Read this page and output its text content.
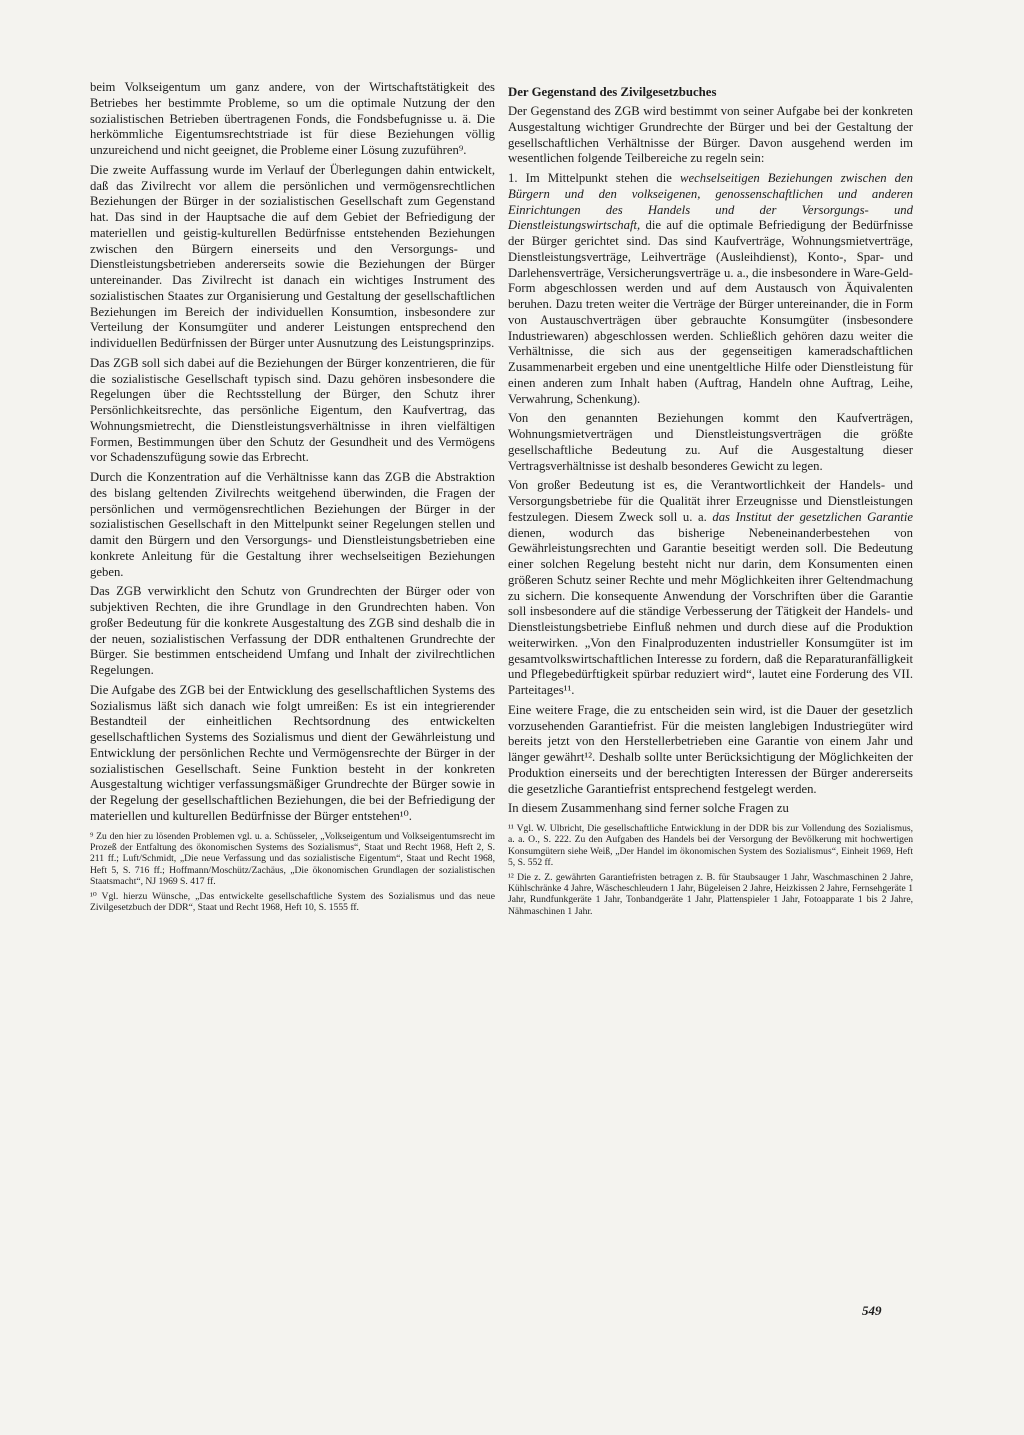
beim Volkseigentum um ganz andere, von der Wirtschaftstätigkeit des Betriebes her bestimmte Probleme, so um die optimale Nutzung der den sozialistischen Betrieben übertragenen Fonds, die Fondsbefugnisse u. ä. Die herkömmliche Eigentumsrechtstriade ist für diese Beziehungen völlig unzureichend und nicht geeignet, die Probleme einer Lösung zuzuführen⁹.

Die zweite Auffassung wurde im Verlauf der Überlegungen dahin entwickelt, daß das Zivilrecht vor allem die persönlichen und vermögensrechtlichen Beziehungen der Bürger in der sozialistischen Gesellschaft zum Gegenstand hat. Das sind in der Hauptsache die auf dem Gebiet der Befriedigung der materiellen und geistig-kulturellen Bedürfnisse entstehenden Beziehungen zwischen den Bürgern einerseits und den Versorgungs- und Dienstleistungsbetrieben andererseits sowie die Beziehungen der Bürger untereinander. Das Zivilrecht ist danach ein wichtiges Instrument des sozialistischen Staates zur Organisierung und Gestaltung der gesellschaftlichen Beziehungen im Bereich der individuellen Konsumtion, insbesondere zur Verteilung der Konsumgüter und anderer Leistungen entsprechend den individuellen Bedürfnissen der Bürger unter Ausnutzung des Leistungsprinzips.

Das ZGB soll sich dabei auf die Beziehungen der Bürger konzentrieren, die für die sozialistische Gesellschaft typisch sind. Dazu gehören insbesondere die Regelungen über die Rechtsstellung der Bürger, den Schutz ihrer Persönlichkeitsrechte, das persönliche Eigentum, den Kaufvertrag, das Wohnungsmietrecht, die Dienstleistungsverhältnisse in ihren vielfältigen Formen, Bestimmungen über den Schutz der Gesundheit und des Vermögens vor Schadenszufügung sowie das Erbrecht.

Durch die Konzentration auf die Verhältnisse kann das ZGB die Abstraktion des bislang geltenden Zivilrechts weitgehend überwinden, die Fragen der persönlichen und vermögensrechtlichen Beziehungen der Bürger in der sozialistischen Gesellschaft in den Mittelpunkt seiner Regelungen stellen und damit den Bürgern und den Versorgungs- und Dienstleistungsbetrieben eine konkrete Anleitung für die Gestaltung ihrer wechselseitigen Beziehungen geben.

Das ZGB verwirklicht den Schutz von Grundrechten der Bürger oder von subjektiven Rechten, die ihre Grundlage in den Grundrechten haben. Von großer Bedeutung für die konkrete Ausgestaltung des ZGB sind deshalb die in der neuen, sozialistischen Verfassung der DDR enthaltenen Grundrechte der Bürger. Sie bestimmen entscheidend Umfang und Inhalt der zivilrechtlichen Regelungen.

Die Aufgabe des ZGB bei der Entwicklung des gesellschaftlichen Systems des Sozialismus läßt sich danach wie folgt umreißen: Es ist ein integrierender Bestandteil der einheitlichen Rechtsordnung des entwickelten gesellschaftlichen Systems des Sozialismus und dient der Gewährleistung und Entwicklung der persönlichen Rechte und Vermögensrechte der Bürger in der sozialistischen Gesellschaft. Seine Funktion besteht in der konkreten Ausgestaltung wichtiger verfassungsmäßiger Grundrechte der Bürger sowie in der Regelung der gesellschaftlichen Beziehungen, die bei der Befriedigung der materiellen und kulturellen Bedürfnisse der Bürger entstehen¹⁰.

⁹ Zu den hier zu lösenden Problemen vgl. u. a. Schüsseler, „Volkseigentum und Volkseigentumsrecht im Prozeß der Entfaltung des ökonomischen Systems des Sozialismus“, Staat und Recht 1968, Heft 2, S. 211 ff.; Luft/Schmidt, „Die neue Verfassung und das sozialistische Eigentum“, Staat und Recht 1968, Heft 5, S. 716 ff.; Hoffmann/Moschütz/Zachäus, „Die ökonomischen Grundlagen der sozialistischen Staatsmacht“, NJ 1969 S. 417 ff.

¹⁰ Vgl. hierzu Wünsche, „Das entwickelte gesellschaftliche System des Sozialismus und das neue Zivilgesetzbuch der DDR“, Staat und Recht 1968, Heft 10, S. 1555 ff.

Der Gegenstand des Zivilgesetzbuches

Der Gegenstand des ZGB wird bestimmt von seiner Aufgabe bei der konkreten Ausgestaltung wichtiger Grundrechte der Bürger und bei der Gestaltung der gesellschaftlichen Verhältnisse der Bürger. Davon ausgehend werden im wesentlichen folgende Teilbereiche zu regeln sein:

1. Im Mittelpunkt stehen die wechselseitigen Beziehungen zwischen den Bürgern und den volkseigenen, genossenschaftlichen und anderen Einrichtungen des Handels und der Versorgungs- und Dienstleistungswirtschaft, die auf die optimale Befriedigung der Bedürfnisse der Bürger gerichtet sind. Das sind Kaufverträge, Wohnungsmietverträge, Dienstleistungsverträge, Leihverträge (Ausleihdienst), Konto-, Spar- und Darlehensverträge, Versicherungsverträge u. a., die insbesondere in Ware-Geld-Form abgeschlossen werden und auf dem Austausch von Äquivalenten beruhen. Dazu treten weiter die Verträge der Bürger untereinander, die in Form von Austauschverträgen über gebrauchte Konsumgüter (insbesondere Industriewaren) abgeschlossen werden. Schließlich gehören dazu weiter die Verhältnisse, die sich aus der gegenseitigen kameradschaftlichen Zusammenarbeit ergeben und eine unentgeltliche Hilfe oder Dienstleistung für einen anderen zum Inhalt haben (Auftrag, Handeln ohne Auftrag, Leihe, Verwahrung, Schenkung).

Von den genannten Beziehungen kommt den Kaufverträgen, Wohnungsmietverträgen und Dienstleistungsverträgen die größte gesellschaftliche Bedeutung zu. Auf die Ausgestaltung dieser Vertragsverhältnisse ist deshalb besonderes Gewicht zu legen.

Von großer Bedeutung ist es, die Verantwortlichkeit der Handels- und Versorgungsbetriebe für die Qualität ihrer Erzeugnisse und Dienstleistungen festzulegen. Diesem Zweck soll u. a. das Institut der gesetzlichen Garantie dienen, wodurch das bisherige Nebeneinanderbestehen von Gewährleistungsrechten und Garantie beseitigt werden soll. Die Bedeutung einer solchen Regelung besteht nicht nur darin, dem Konsumenten einen größeren Schutz seiner Rechte und mehr Möglichkeiten ihrer Geltendmachung zu sichern. Die konsequente Anwendung der Vorschriften über die Garantie soll insbesondere auf die ständige Verbesserung der Tätigkeit der Handels- und Dienstleistungsbetriebe Einfluß nehmen und durch diese auf die Produktion weiterwirken. „Von den Finalproduzenten industrieller Konsumgüter ist im gesamtvolkswirtschaftlichen Interesse zu fordern, daß die Reparaturanfälligkeit und Pflegebedürftigkeit spürbar reduziert wird“, lautet eine Forderung des VII. Parteitages¹¹.

Eine weitere Frage, die zu entscheiden sein wird, ist die Dauer der gesetzlich vorzusehenden Garantiefrist. Für die meisten langlebigen Industriegüter wird bereits jetzt von den Herstellerbetrieben eine Garantie von einem Jahr und länger gewährt¹². Deshalb sollte unter Berücksichtigung der Möglichkeiten der Produktion einerseits und der berechtigten Interessen der Bürger andererseits die gesetzliche Garantiefrist entsprechend festgelegt werden.

In diesem Zusammenhang sind ferner solche Fragen zu

¹¹ Vgl. W. Ulbricht, Die gesellschaftliche Entwicklung in der DDR bis zur Vollendung des Sozialismus, a. a. O., S. 222. Zu den Aufgaben des Handels bei der Versorgung der Bevölkerung mit hochwertigen Konsumgütern siehe Weiß, „Der Handel im ökonomischen System des Sozialismus“, Einheit 1969, Heft 5, S. 552 ff.

¹² Die z. Z. gewährten Garantiefristen betragen z. B. für Staubsauger 1 Jahr, Waschmaschinen 2 Jahre, Kühlschränke 4 Jahre, Wäscheschleudern 1 Jahr, Bügeleisen 2 Jahre, Heizkissen 2 Jahre, Fernsehgeräte 1 Jahr, Rundfunkgeräte 1 Jahr, Tonbandgeräte 1 Jahr, Plattenspieler 1 Jahr, Fotoapparate 1 bis 2 Jahre, Nähmaschinen 1 Jahr.

549
